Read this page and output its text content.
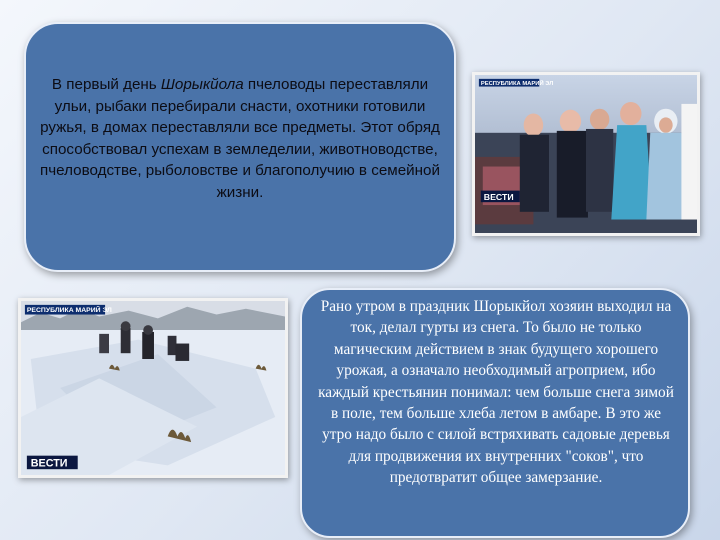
В первый день Шорыкйола пчеловоды переставляли ульи, рыбаки перебирали снасти, охотники готовили ружья, в домах переставляли все предметы. Этот обряд способствовал успехам в земледелии, животноводстве, пчеловодстве, рыболовстве и благополучию в семейной жизни.
РЕСПУБЛИКА МАРИЙ ЭЛ
ВЕСТИ
РЕСПУБЛИКА МАРИЙ ЭЛ
ВЕСТИ
Рано утром в праздник Шорыкйол хозяин выходил на ток, делал гурты из снега. То было не только магическим действием в знак будущего хорошего урожая, а означало необходимый агроприем, ибо каждый крестьянин понимал: чем больше снега зимой в поле, тем больше хлеба летом в амбаре. В это же утро надо было с силой встряхивать садовые деревья для продвижения их внутренних "соков", что предотвратит общее замерзание.
